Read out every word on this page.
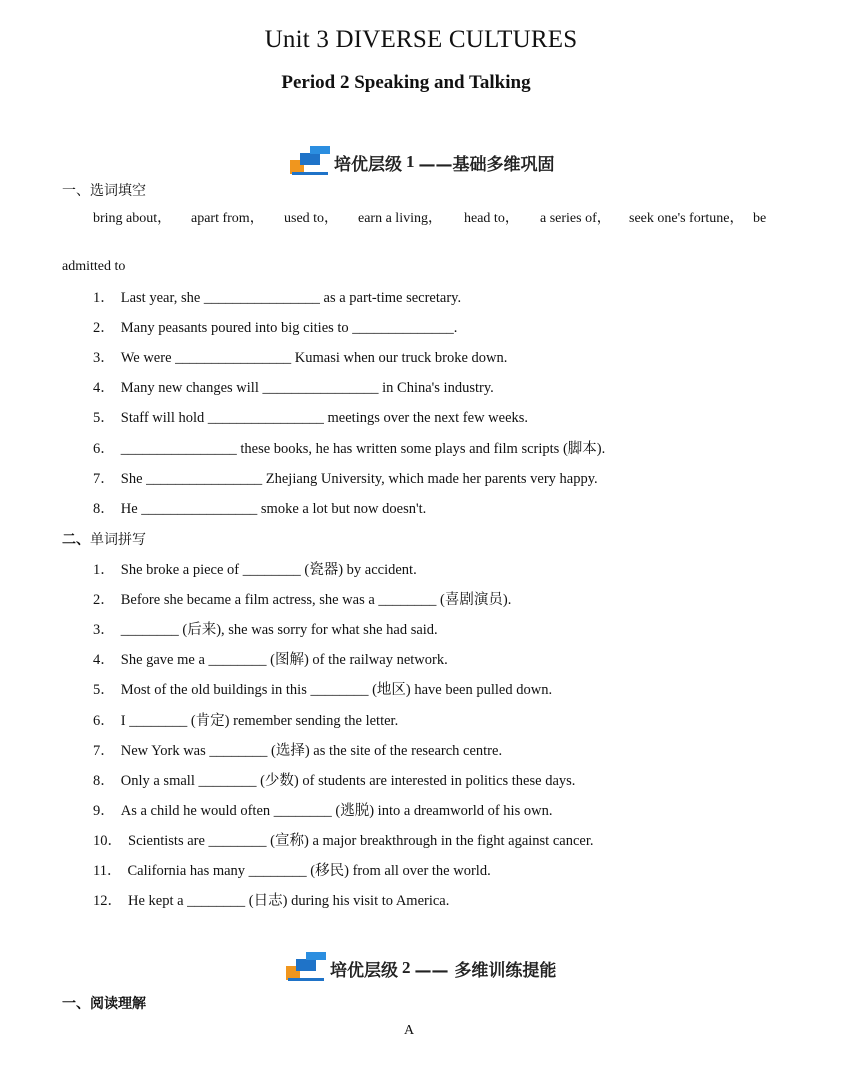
Unit 3 DIVERSE CULTURES
Period 2 Speaking and Talking
培优层级 1 ——基础多维巩固
一、选词填空
bring about，	apart from，	used to，	earn a living，	head to，	a series of，	seek one's fortune， be
admitted to
1． Last year, she ________________ as a part-time secretary.
2． Many peasants poured into big cities to ______________.
3． We were ________________ Kumasi when our truck broke down.
4． Many new changes will ________________ in China's industry.
5． Staff will hold ________________ meetings over the next few weeks.
6． ________________ these books, he has written some plays and film scripts (脚本).
7． She ________________ Zhejiang University, which made her parents very happy.
8． He ________________ smoke a lot but now doesn't.
二、单词拼写
1． She broke a piece of ________ (瓷器) by accident.
2． Before she became a film actress, she was a ________ (喜剧演员).
3． ________ (后来), she was sorry for what she had said.
4． She gave me a ________ (图解) of the railway network.
5． Most of the old buildings in this ________ (地区) have been pulled down.
6． I ________ (肯定) remember sending the letter.
7． New York was ________ (选择) as the site of the research centre.
8． Only a small ________ (少数) of students are interested in politics these days.
9． As a child he would often ________ (逃脱) into a dreamworld of his own.
10． Scientists are ________ (宣称) a major breakthrough in the fight against cancer.
11． California has many ________ (移民) from all over the world.
12． He kept a ________ (日志) during his visit to America.
培优层级 2 —— 多维训练提能
一、阅读理解
A
